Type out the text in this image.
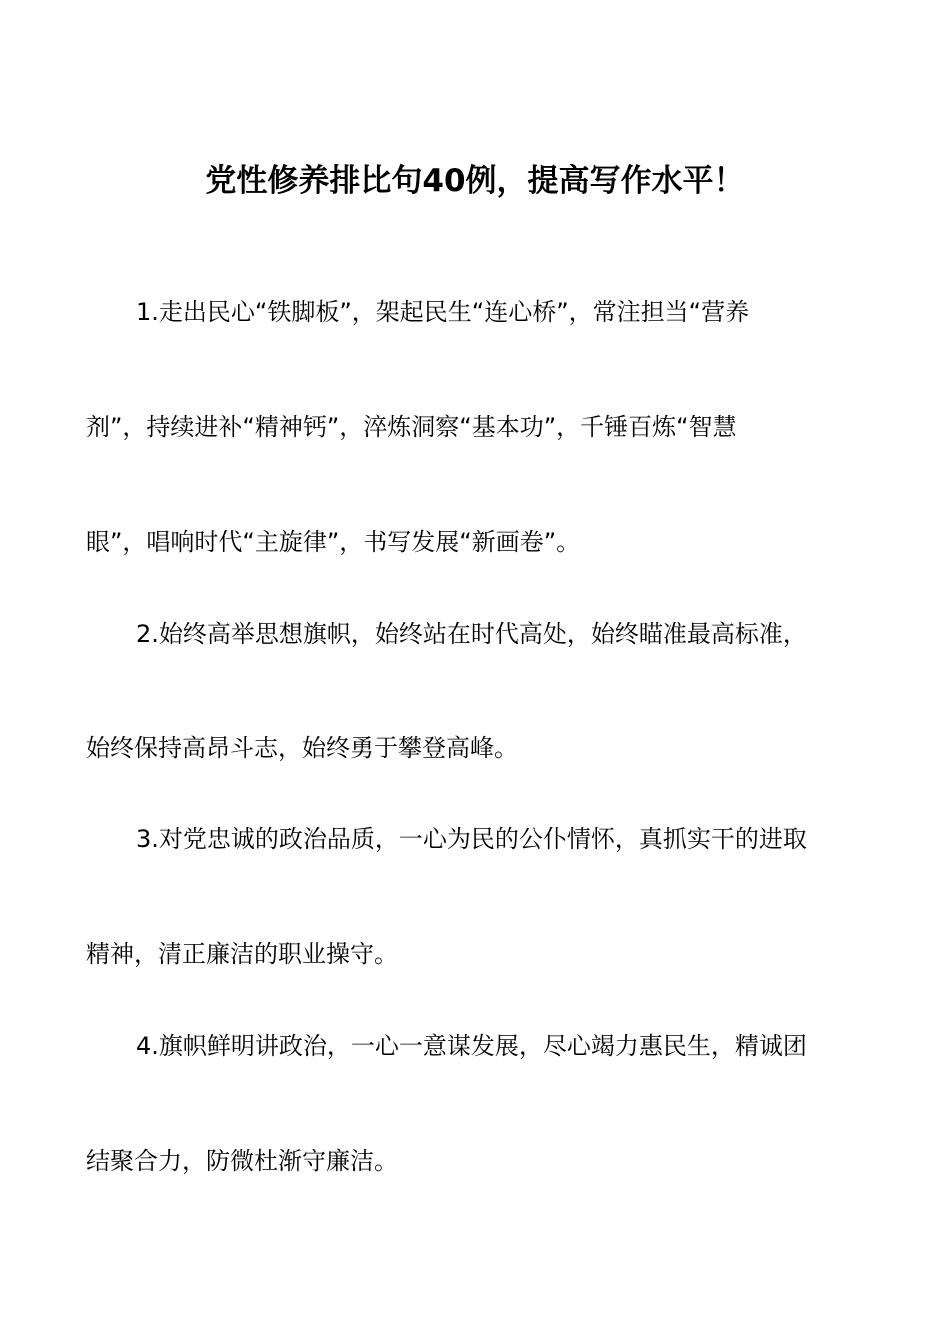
党性修养排比句40例，提高写作水平！
1.走出民心“铁脚板”，架起民生“连心桥”，常注担当“营养
剂”，持续进补“精神钙”，淬炼洞察“基本功”，千锤百炼“智慧
眼”，唱响时代“主旋律”，书写发展“新画卷”。
2.始终高举思想旗帜，始终站在时代高处，始终瞄准最高标准，
始终保持高昂斗志，始终勇于攀登高峰。
3.对党忠诚的政治品质，一心为民的公仆情怀，真抓实干的进取
精神，清正廉洁的职业操守。
4.旗帜鲜明讲政治，一心一意谋发展，尽心竭力惠民生，精诚团
结聚合力，防微杜渐守廉洁。
